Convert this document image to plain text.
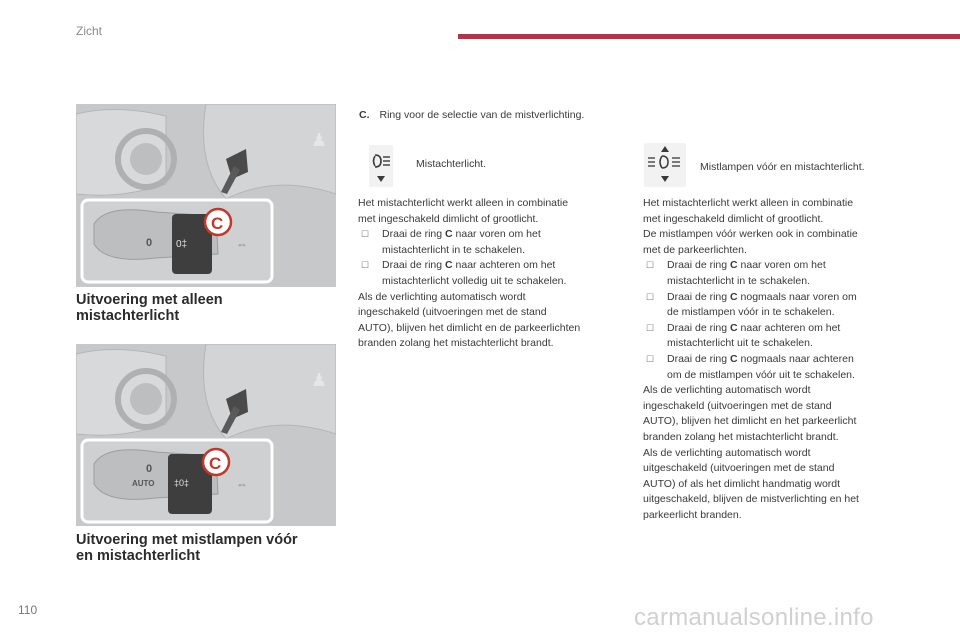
Zicht
♟
0 0‡	⇔
C
Uitvoering met alleen
mistachterlicht
♟
0
AUTO ‡0‡	⇔
C
Uitvoering met mistlampen vóór
en mistachterlicht
C. Ring voor de selectie van de mistverlichting.
Mistachterlicht.	Mistlampen vóór en mistachterlicht.

Het mistachterlicht werkt alleen in combinatie

met ingeschakeld dimlicht of grootlicht.

☐ Draai de ring C naar voren om het
mistachterlicht in te schakelen.
☐ Draai de ring C naar achteren om het
mistachterlicht volledig uit te schakelen.

Als de verlichting automatisch wordt

ingeschakeld (uitvoeringen met de stand

AUTO), blijven het dimlicht en de parkeerlichten

branden zolang het mistachterlicht brandt.

Het mistachterlicht werkt alleen in combinatie

met ingeschakeld dimlicht of grootlicht.

De mistlampen vóór werken ook in combinatie

met de parkeerlichten.

☐ Draai de ring C naar voren om het
mistachterlicht in te schakelen.
☐ Draai de ring C nogmaals naar voren om
de mistlampen vóór in te schakelen.
☐ Draai de ring C naar achteren om het
mistachterlicht uit te schakelen.
☐ Draai de ring C nogmaals naar achteren
om de mistlampen vóór uit te schakelen.

Als de verlichting automatisch wordt

ingeschakeld (uitvoeringen met de stand

AUTO), blijven het dimlicht en het parkeerlicht

branden zolang het mistachterlicht brandt.

Als de verlichting automatisch wordt

uitgeschakeld (uitvoeringen met de stand

AUTO) of als het dimlicht handmatig wordt

uitgeschakeld, blijven de mistverlichting en het

parkeerlicht branden.

110	carmanualsonline.info
